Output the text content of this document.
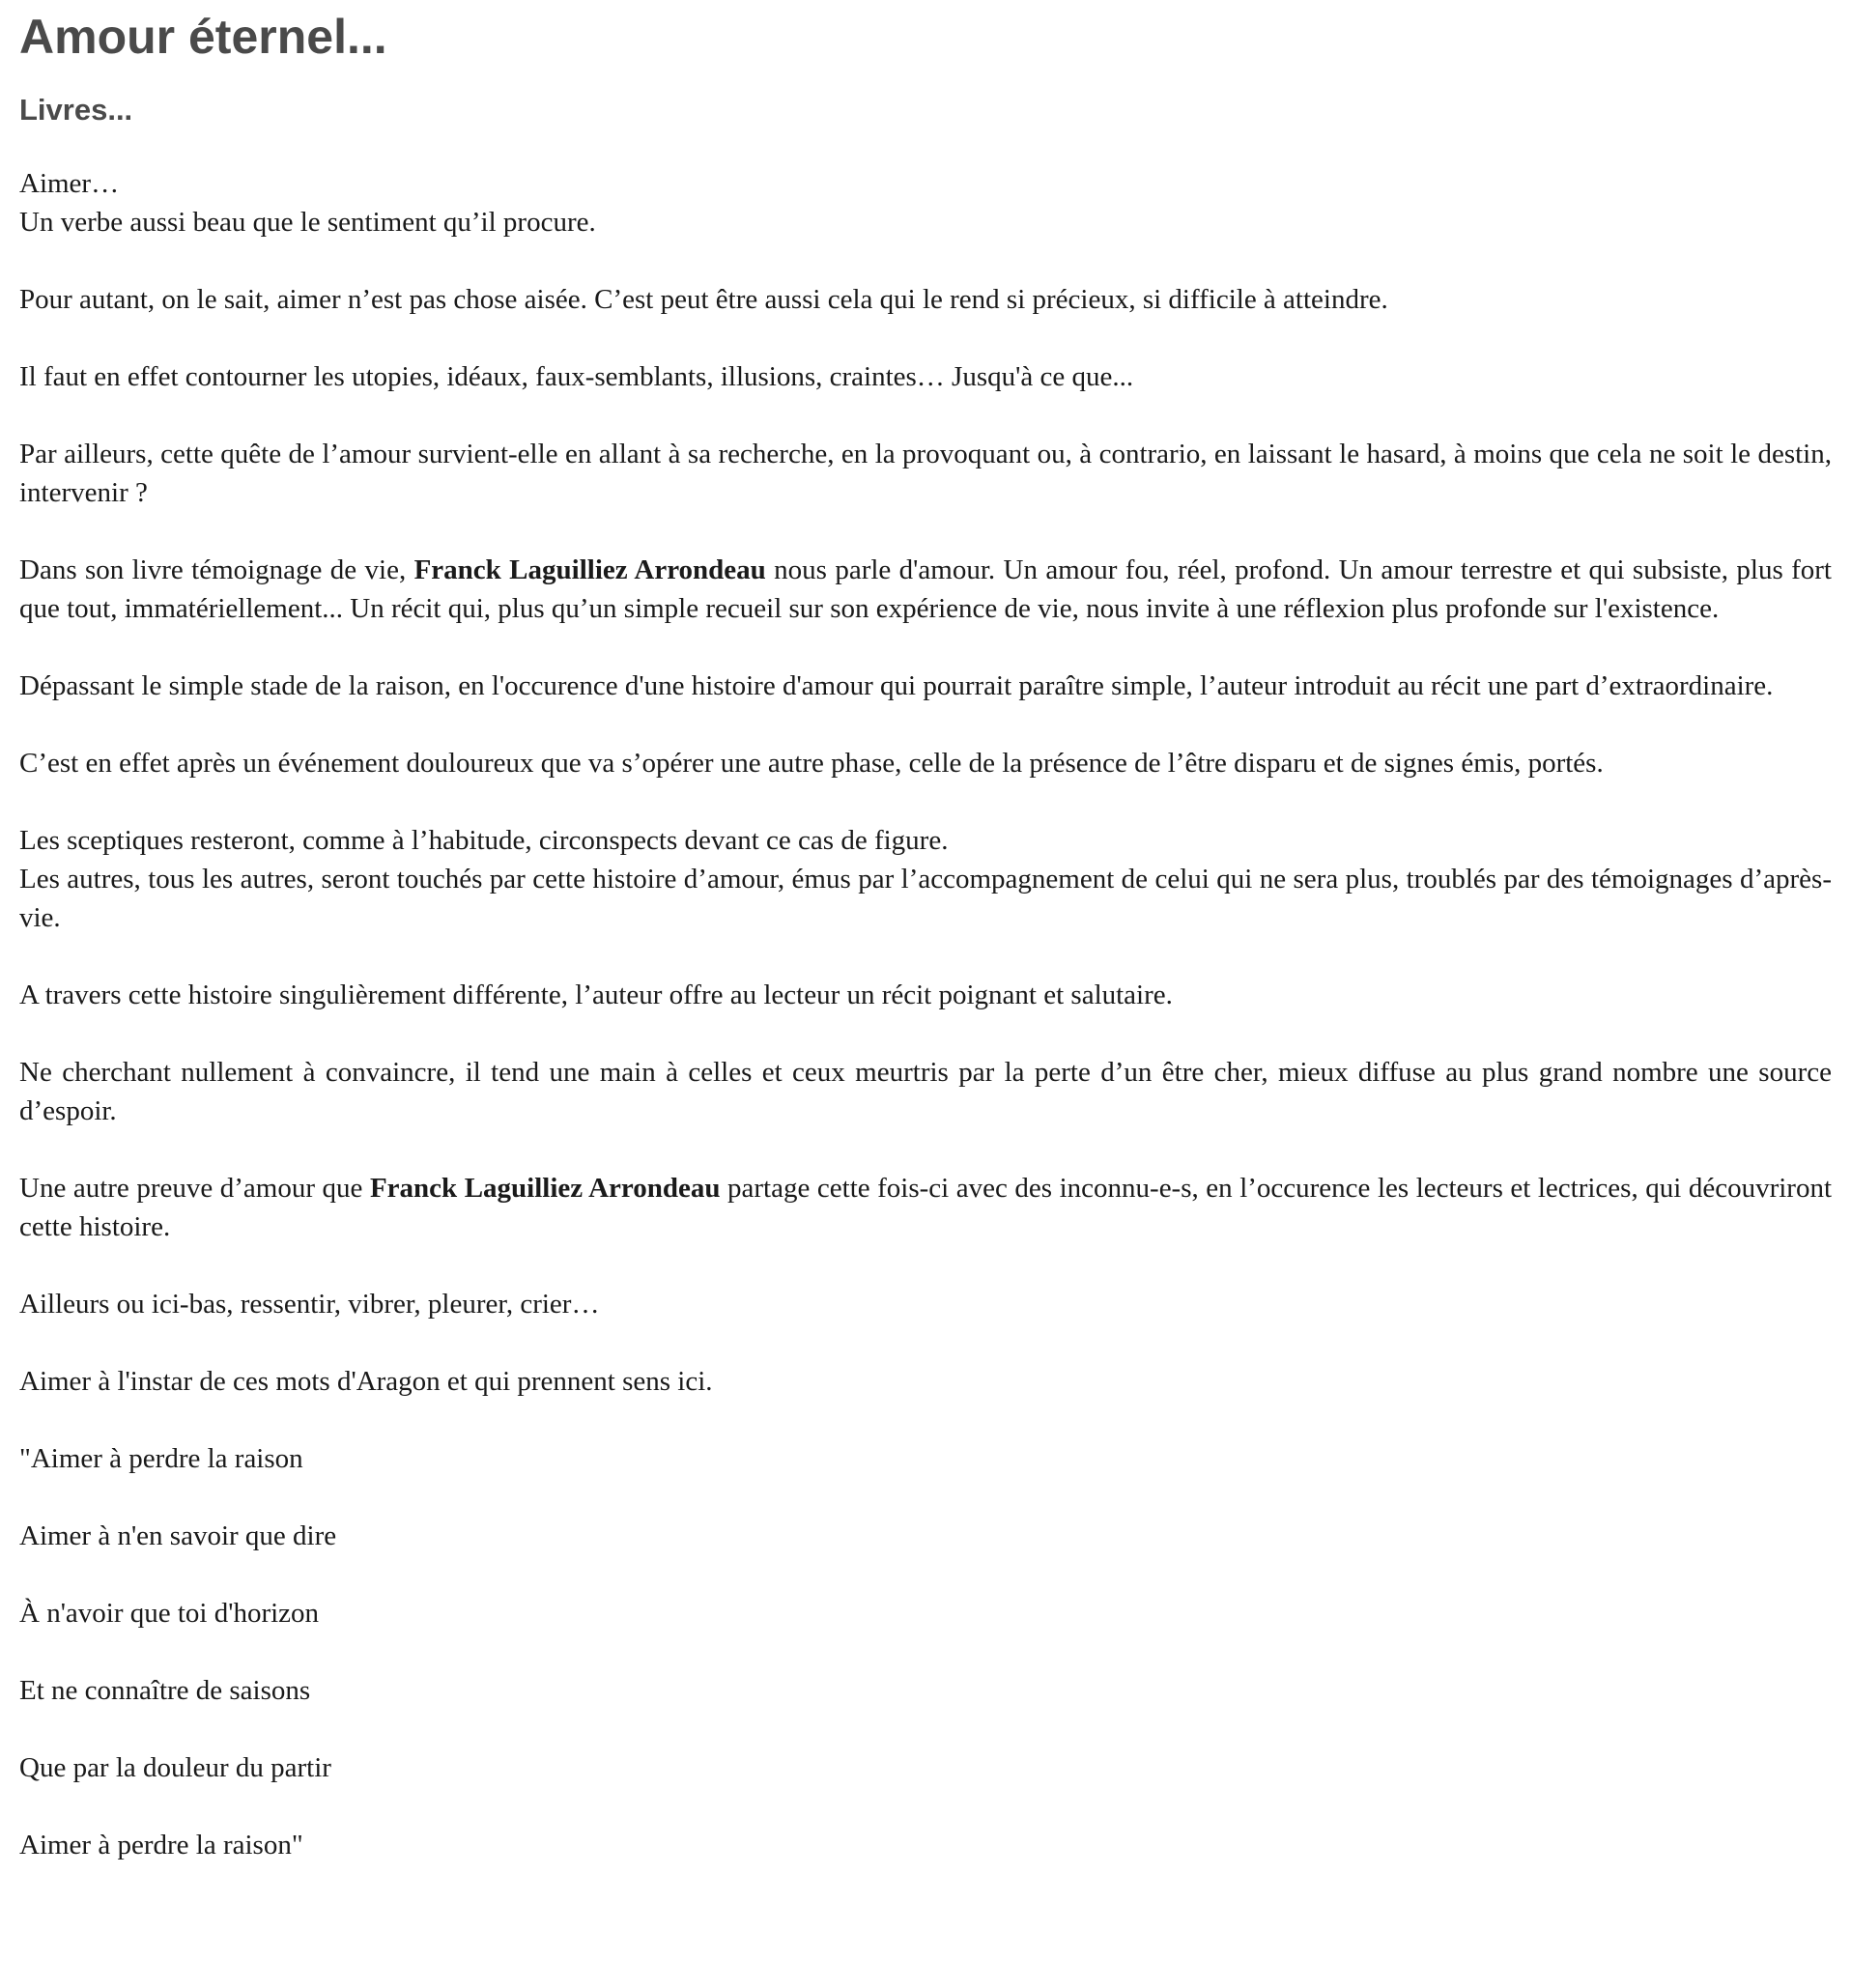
Amour éternel...
Livres...

Aimer…
Un verbe aussi beau que le sentiment qu’il procure.

Pour autant, on le sait, aimer n’est pas chose aisée. C’est peut être aussi cela qui le rend si précieux, si difficile à atteindre.

Il faut en effet contourner les utopies, idéaux, faux-semblants, illusions, craintes… Jusqu'à ce que...

Par ailleurs, cette quête de l’amour survient-elle en allant à sa recherche, en la provoquant ou, à contrario, en laissant le hasard, à moins que cela ne soit le destin, intervenir ?

Dans son livre témoignage de vie, Franck Laguilliez Arrondeau nous parle d'amour. Un amour fou, réel, profond. Un amour terrestre et qui subsiste, plus fort que tout, immatériellement... Un récit qui, plus qu’un simple recueil sur son expérience de vie, nous invite à une réflexion plus profonde sur l'existence.

Dépassant le simple stade de la raison, en l'occurence d'une histoire d'amour qui pourrait paraître simple, l’auteur introduit au récit une part d’extraordinaire.

C’est en effet après un événement douloureux que va s’opérer une autre phase, celle de la présence de l’être disparu et de signes émis, portés.

Les sceptiques resteront, comme à l’habitude, circonspects devant ce cas de figure.
Les autres, tous les autres, seront touchés par cette histoire d’amour, émus par l’accompagnement de celui qui ne sera plus, troublés par des témoignages d’après-vie.

A travers cette histoire singulièrement différente, l’auteur offre au lecteur un récit poignant et salutaire.

Ne cherchant nullement à convaincre, il tend une main à celles et ceux meurtris par la perte d’un être cher, mieux diffuse au plus grand nombre une source d’espoir.

Une autre preuve d’amour que Franck Laguilliez Arrondeau partage cette fois-ci avec des inconnu-e-s, en l’occurence les lecteurs et lectrices, qui découvriront cette histoire.

Ailleurs ou ici-bas, ressentir, vibrer, pleurer, crier…

Aimer à l'instar de ces mots d'Aragon et qui prennent sens ici.

"Aimer à perdre la raison

Aimer à n'en savoir que dire

À n'avoir que toi d'horizon

Et ne connaître de saisons

Que par la douleur du partir

Aimer à perdre la raison"
